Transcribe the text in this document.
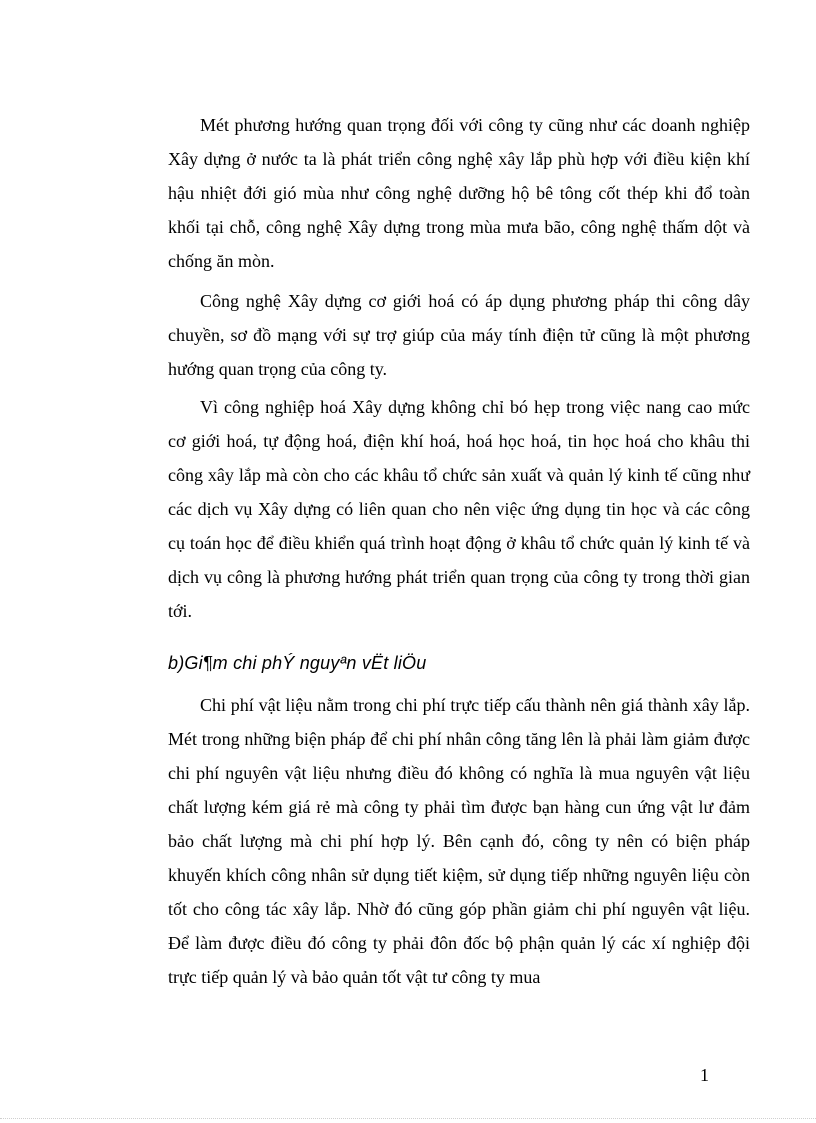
Mét phương hướng quan trọng đối với công ty cũng như các doanh nghiệp Xây dựng ở nước ta là phát triển công nghệ xây lắp phù hợp với điều kiện khí hậu nhiệt đới gió mùa như công nghệ dưỡng hộ bê tông cốt thép khi đổ toàn khối tại chỗ, công nghệ Xây dựng trong mùa mưa bão, công nghệ thấm dột và chống ăn mòn.

Công nghệ Xây dựng cơ giới hoá có áp dụng phương pháp thi công dây chuyền, sơ đồ mạng với sự trợ giúp của máy tính điện tử cũng là một phương hướng quan trọng của công ty.

Vì công nghiệp hoá Xây dựng không chỉ bó hẹp trong việc nang cao mức cơ giới hoá, tự động hoá, điện khí hoá, hoá học hoá, tin học hoá cho khâu thi công xây lắp mà còn cho các khâu tổ chức sản xuất và quản lý kinh tế cũng như các dịch vụ Xây dựng có liên quan cho nên việc ứng dụng tin học và các công cụ toán học để điều khiển quá trình hoạt động ở khâu tổ chức quản lý kinh tế và dịch vụ công là phương hướng phát triển quan trọng của công ty trong thời gian tới.

b)Gi¶m chi phÝ nguyªn vËt liÖu

Chi phí vật liệu nằm trong chi phí trực tiếp cấu thành nên giá thành xây lắp. Mét trong những biện pháp để chi phí nhân công tăng lên là phải làm giảm được chi phí nguyên vật liệu nhưng điều đó không có nghĩa là mua nguyên vật liệu chất lượng kém giá rẻ mà công ty phải tìm được bạn hàng cun ứng vật lư đảm bảo chất lượng mà chi phí hợp lý. Bên cạnh đó, công ty nên có biện pháp khuyến khích công nhân sử dụng tiết kiệm, sử dụng tiếp những nguyên liệu còn tốt cho công tác xây lắp. Nhờ đó cũng góp phần giảm chi phí nguyên vật liệu. Để làm được điều đó công ty phải đôn đốc bộ phận quản lý các xí nghiệp đội trực tiếp quản lý và bảo quản tốt vật tư công ty mua

1
